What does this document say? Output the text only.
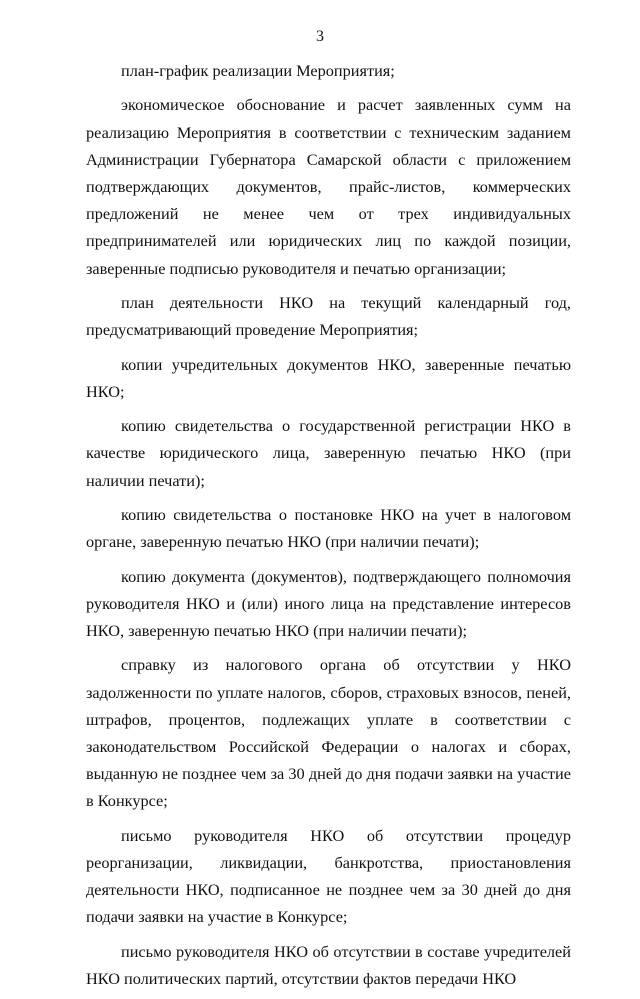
3

план-график реализации Мероприятия;

экономическое обоснование и расчет заявленных сумм на реализацию Мероприятия в соответствии с техническим заданием Администрации Губернатора Самарской области с приложением подтверждающих документов, прайс-листов, коммерческих предложений не менее чем от трех индивидуальных предпринимателей или юридических лиц по каждой позиции, заверенные подписью руководителя и печатью организации;

план деятельности НКО на текущий календарный год, предусматривающий проведение Мероприятия;

копии учредительных документов НКО, заверенные печатью НКО;

копию свидетельства о государственной регистрации НКО в качестве юридического лица, заверенную печатью НКО (при наличии печати);

копию свидетельства о постановке НКО на учет в налоговом органе, заверенную печатью НКО (при наличии печати);

копию документа (документов), подтверждающего полномочия руководителя НКО и (или) иного лица на представление интересов НКО, заверенную печатью НКО (при наличии печати);

справку из налогового органа об отсутствии у НКО задолженности по уплате налогов, сборов, страховых взносов, пеней, штрафов, процентов, подлежащих уплате в соответствии с законодательством Российской Федерации о налогах и сборах, выданную не позднее чем за 30 дней до дня подачи заявки на участие в Конкурсе;

письмо руководителя НКО об отсутствии процедур реорганизации, ликвидации, банкротства, приостановления деятельности НКО, подписанное не позднее чем за 30 дней до дня подачи заявки на участие в Конкурсе;

письмо руководителя НКО об отсутствии в составе учредителей НКО политических партий, отсутствии фактов передачи НКО
